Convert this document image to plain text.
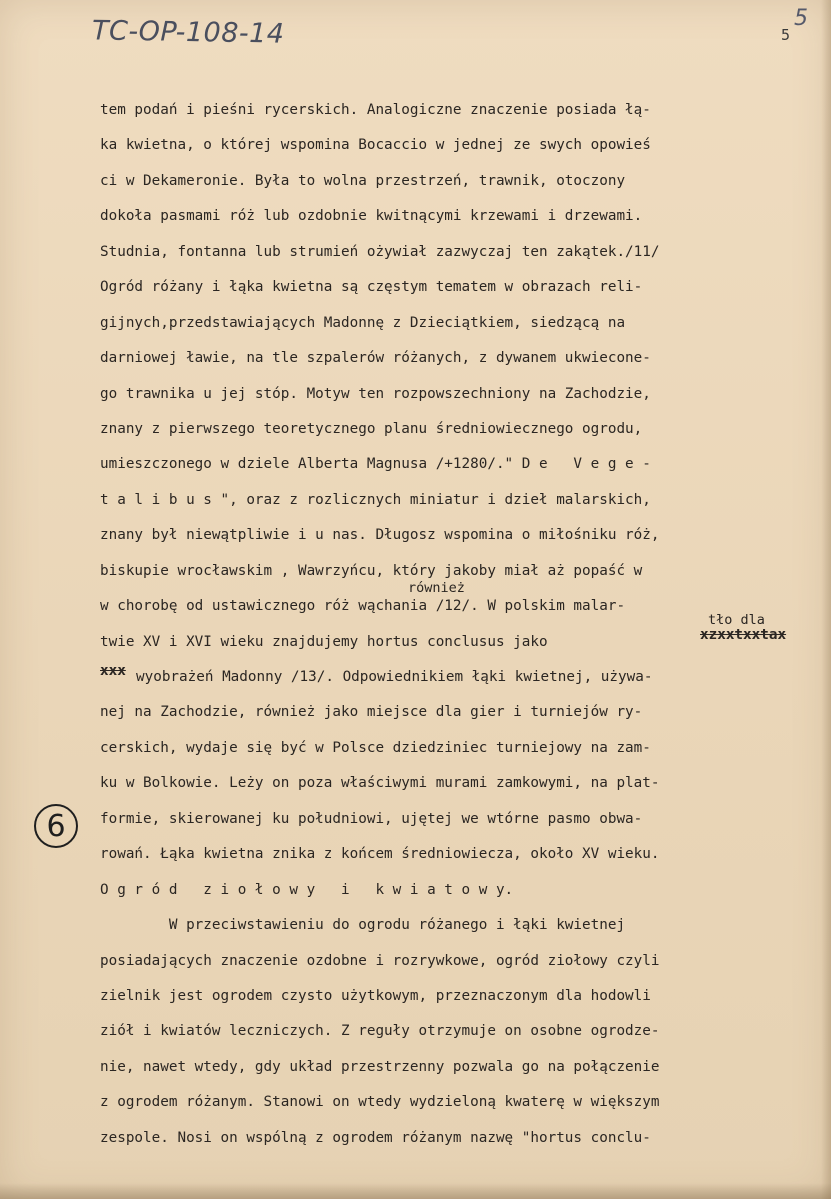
TC-OP-108-14	5
5
6
również
tło dla
xzxxtxxtax
xxx
tem podań i pieśni rycerskich. Analogiczne znaczenie posiada łą-
ka kwietna, o której wspomina Bocaccio w jednej ze swych opowieś
ci w Dekameronie. Była to wolna przestrzeń, trawnik, otoczony
dokoła pasmami róż lub ozdobnie kwitnącymi krzewami i drzewami.
Studnia, fontanna lub strumień ożywiał zazwyczaj ten zakątek./11/
Ogród różany i łąka kwietna są częstym tematem w obrazach reli-
gijnych,przedstawiających Madonnę z Dzieciątkiem, siedzącą na
darniowej ławie, na tle szpalerów różanych, z dywanem ukwieconе-
go trawnika u jej stóp. Motyw ten rozpowszechniony na Zachodzie,
znany z pierwszego teoretycznego planu średniowiecznego ogrodu,
umieszczonego w dziele Alberta Magnusa /+1280/." D e   V e g e -
t a l i b u s ", oraz z rozlicznych miniatur i dzieł malarskich,
znany był niewątpliwie i u nas. Długosz wspomina o miłośniku róż,
biskupie wrocławskim , Wawrzyńcu, który jakoby miał aż popaść w
w chorobę od ustawicznego róż wąchania /12/. W polskim malar-
twie XV i XVI wieku znajdujemy hortus conclusus jako
wyobrażeń Madonny /13/. Odpowiednikiem łąki kwietnej, używa-
nej na Zachodzie, również jako miejsce dla gier i turniejów ry-
cerskich, wydaje się być w Polsce dziedziniec turniejowy na zam-
ku w Bolkowie. Leży on poza właściwymi murami zamkowymi, na plat-
formie, skierowanej ku południowi, ujętej we wtórne pasmo obwa-
rowań. Łąka kwietna znika z końcem średniowiecza, około XV wieku.
O g r ó d   z i o ł o w y   i   k w i a t o w y.
W przeciwstawieniu do ogrodu różanego i łąki kwietnej
posiadających znaczenie ozdobne i rozrywkowe, ogród ziołowy czyli
zielnik jest ogrodem czysto użytkowym, przeznaczonym dla hodowli
ziół i kwiatów leczniczych. Z reguły otrzymuje on osobne ogrodze-
nie, nawet wtedy, gdy układ przestrzenny pozwala go na połączenie
z ogrodem różanym. Stanowi on wtedy wydzieloną kwaterę w większym
zespole. Nosi on wspólną z ogrodem różanym nazwę "hortus conclu-
